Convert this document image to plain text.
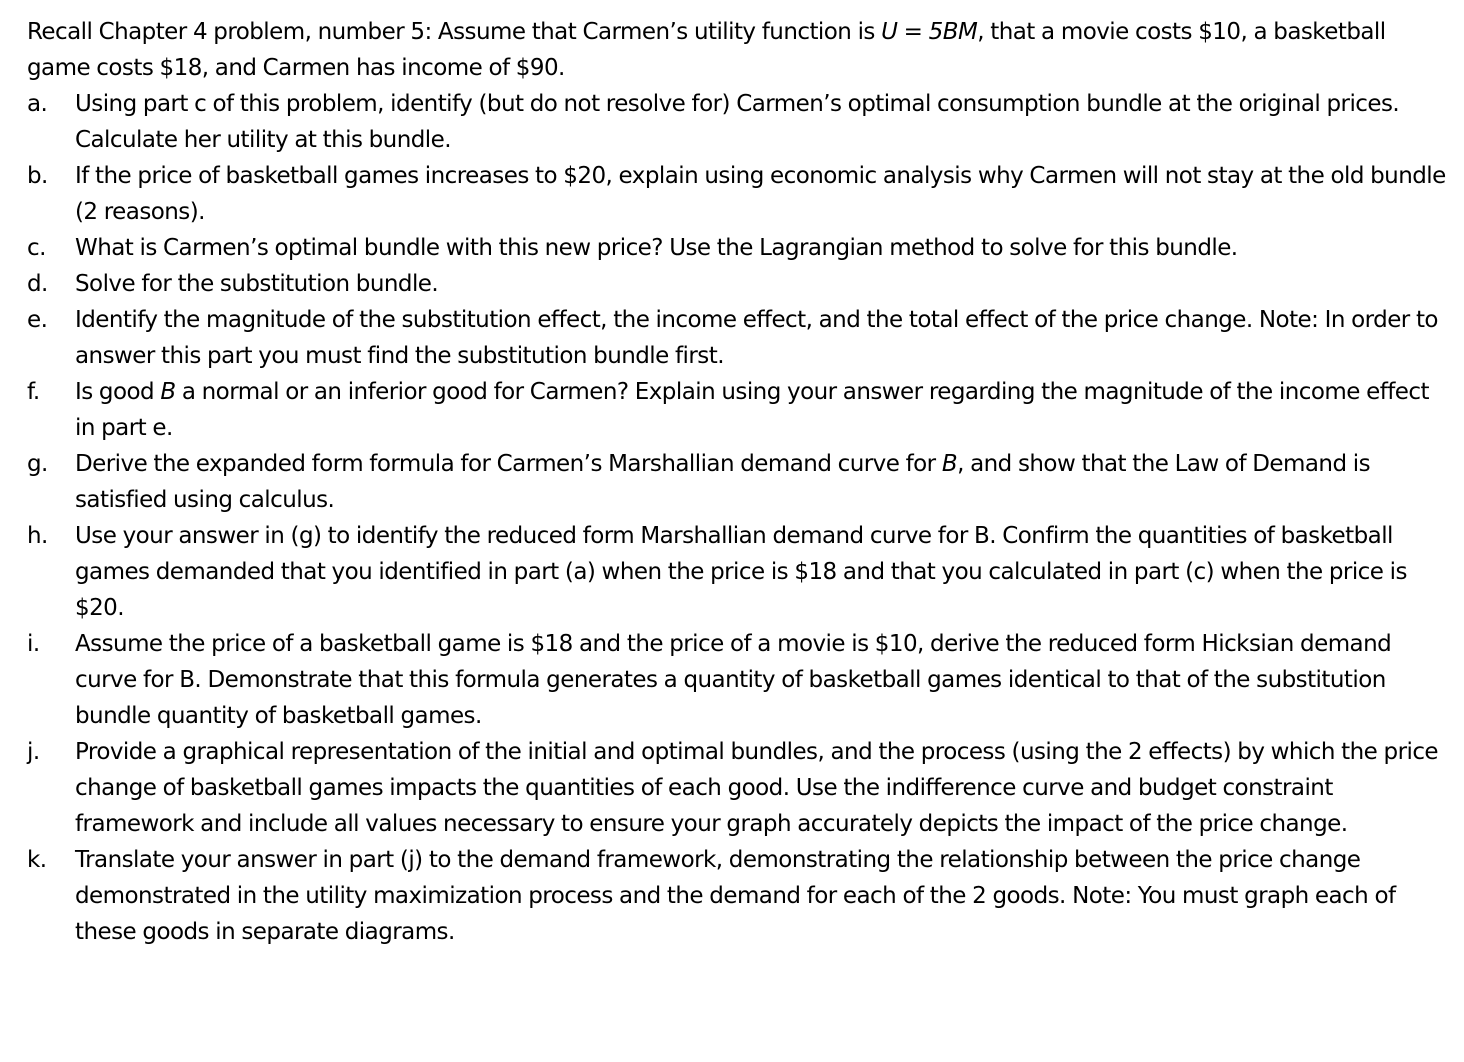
Recall Chapter 4 problem, number 5: Assume that Carmen’s utility function is U = 5BM, that a movie costs $10, a basketball game costs $18, and Carmen has income of $90.

a.	Using part c of this problem, identify (but do not resolve for) Carmen’s optimal consumption bundle at the original prices. Calculate her utility at this bundle.
b.	If the price of basketball games increases to $20, explain using economic analysis why Carmen will not stay at the old bundle (2 reasons).
c.	What is Carmen’s optimal bundle with this new price? Use the Lagrangian method to solve for this bundle.
d.	Solve for the substitution bundle.
e.	Identify the magnitude of the substitution effect, the income effect, and the total effect of the price change. Note: In order to answer this part you must find the substitution bundle first.
f.	Is good B a normal or an inferior good for Carmen? Explain using your answer regarding the magnitude of the income effect in part e.
g.	Derive the expanded form formula for Carmen’s Marshallian demand curve for B, and show that the Law of Demand is satisfied using calculus.
h.	Use your answer in (g) to identify the reduced form Marshallian demand curve for B. Confirm the quantities of basketball games demanded that you identified in part (a) when the price is $18 and that you calculated in part (c) when the price is $20.
i.	Assume the price of a basketball game is $18 and the price of a movie is $10, derive the reduced form Hicksian demand curve for B. Demonstrate that this formula generates a quantity of basketball games identical to that of the substitution bundle quantity of basketball games.
j.	Provide a graphical representation of the initial and optimal bundles, and the process (using the 2 effects) by which the price change of basketball games impacts the quantities of each good. Use the indifference curve and budget constraint framework and include all values necessary to ensure your graph accurately depicts the impact of the price change.
k.	Translate your answer in part (j) to the demand framework, demonstrating the relationship between the price change demonstrated in the utility maximization process and the demand for each of the 2 goods. Note: You must graph each of these goods in separate diagrams.
